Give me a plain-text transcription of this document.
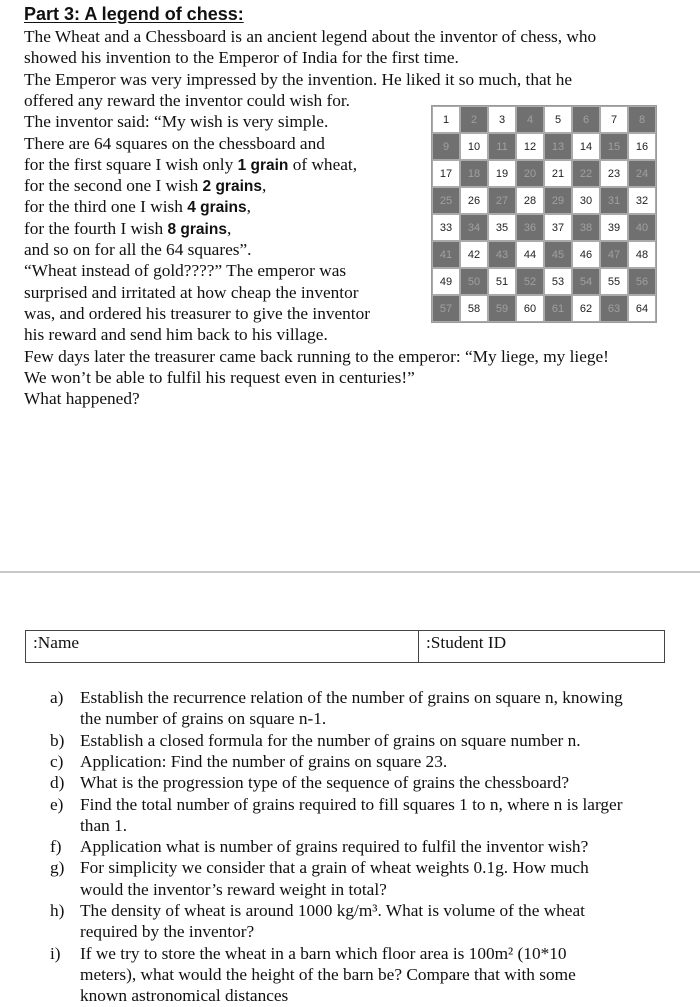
Part 3: A legend of chess:
The Wheat and a Chessboard is an ancient legend about the inventor of chess, who
showed his invention to the Emperor of India for the first time.
The Emperor was very impressed by the invention. He liked it so much, that he
offered any reward the inventor could wish for.
The inventor said: “My wish is very simple.
There are 64 squares on the chessboard and
for the first square I wish only 1 grain of wheat,
for the second one I wish 2 grains,
for the third one I wish 4 grains,
for the fourth I wish 8 grains,
and so on for all the 64 squares”.
“Wheat instead of gold????” The emperor was
surprised and irritated at how cheap the inventor
was, and ordered his treasurer to give the inventor
his reward and send him back to his village.
Few days later the treasurer came back running to the emperor: “My liege, my liege!
We won’t be able to fulfil his request even in centuries!”
What happened?
1	2	3	4	5	6	7	8
9	10	11	12	13	14	15	16
17	18	19	20	21	22	23	24
25	26	27	28	29	30	31	32
33	34	35	36	37	38	39	40
41	42	43	44	45	46	47	48
49	50	51	52	53	54	55	56
57	58	59	60	61	62	63	64
:Name	:Student ID
a) Establish the recurrence relation of the number of grains on square n, knowing
the number of grains on square n-1.
b) Establish a closed formula for the number of grains on square number n.
c) Application: Find the number of grains on square 23.
d) What is the progression type of the sequence of grains the chessboard?
e) Find the total number of grains required to fill squares 1 to n, where n is larger
than 1.
f) Application what is number of grains required to fulfil the inventor wish?
g) For simplicity we consider that a grain of wheat weights 0.1g. How much
would the inventor’s reward weight in total?
h) The density of wheat is around 1000 kg/m³. What is volume of the wheat
required by the inventor?
i) If we try to store the wheat in a barn which floor area is 100m² (10*10
meters), what would the height of the barn be? Compare that with some
known astronomical distances
